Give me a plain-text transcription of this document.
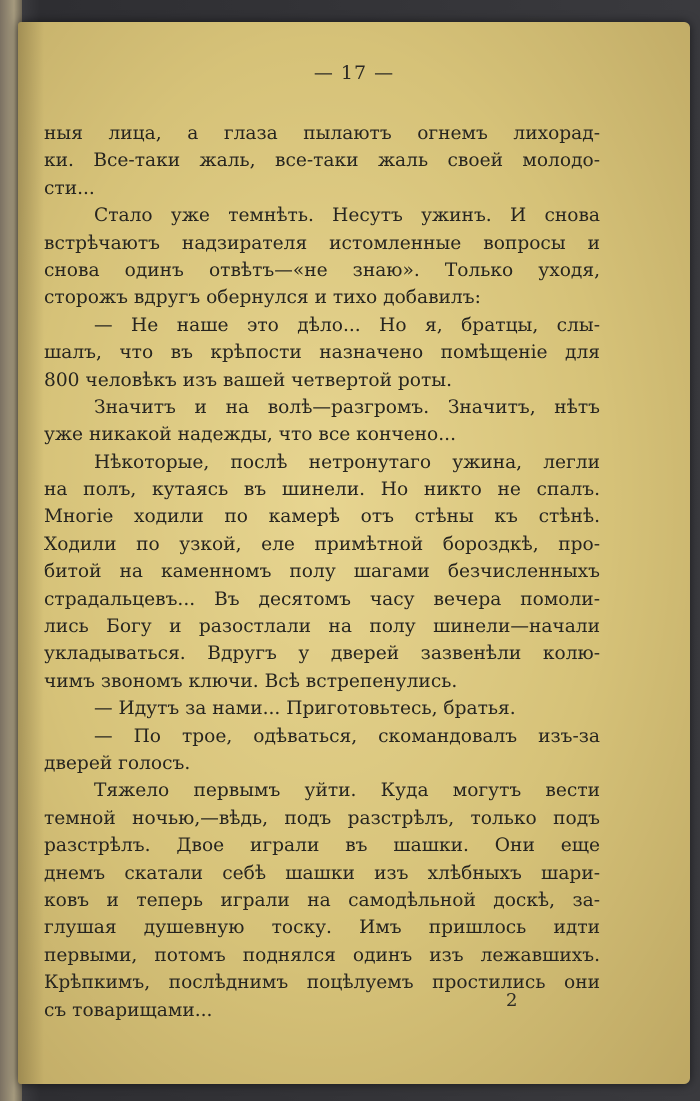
— 17 —
ныя лица, а глаза пылаютъ огнемъ лихорад-
ки. Все-таки жаль, все-таки жаль своей молодо-
сти...
Стало уже темнѣть. Несутъ ужинъ. И снова
встрѣчаютъ надзирателя истомленные вопросы и
снова одинъ отвѣтъ—«не знаю». Только уходя,
сторожъ вдругъ обернулся и тихо добавилъ:
— Не наше это дѣло... Но я, братцы, слы-
шалъ, что въ крѣпости назначено помѣщеніе для
800 человѣкъ изъ вашей четвертой роты.
Значитъ и на волѣ—разгромъ. Значитъ, нѣтъ
уже никакой надежды, что все кончено...
Нѣкоторые, послѣ нетронутаго ужина, легли
на полъ, кутаясь въ шинели. Но никто не спалъ.
Многіе ходили по камерѣ отъ стѣны къ стѣнѣ.
Ходили по узкой, еле примѣтной бороздкѣ, про-
битой на каменномъ полу шагами безчисленныхъ
страдальцевъ... Въ десятомъ часу вечера помоли-
лись Богу и разостлали на полу шинели—начали
укладываться. Вдругъ у дверей зазвенѣли колю-
чимъ звономъ ключи. Всѣ встрепенулись.
— Идутъ за нами... Приготовьтесь, братья.
— По трое, одѣваться, скомандовалъ изъ-за
дверей голосъ.
Тяжело первымъ уйти. Куда могутъ вести
темной ночью,—вѣдь, подъ разстрѣлъ, только подъ
разстрѣлъ. Двое играли въ шашки. Они еще
днемъ скатали себѣ шашки изъ хлѣбныхъ шари-
ковъ и теперь играли на самодѣльной доскѣ, за-
глушая душевную тоску. Имъ пришлось идти
первыми, потомъ поднялся одинъ изъ лежавшихъ.
Крѣпкимъ, послѣднимъ поцѣлуемъ простились они
съ товарищами...	2
